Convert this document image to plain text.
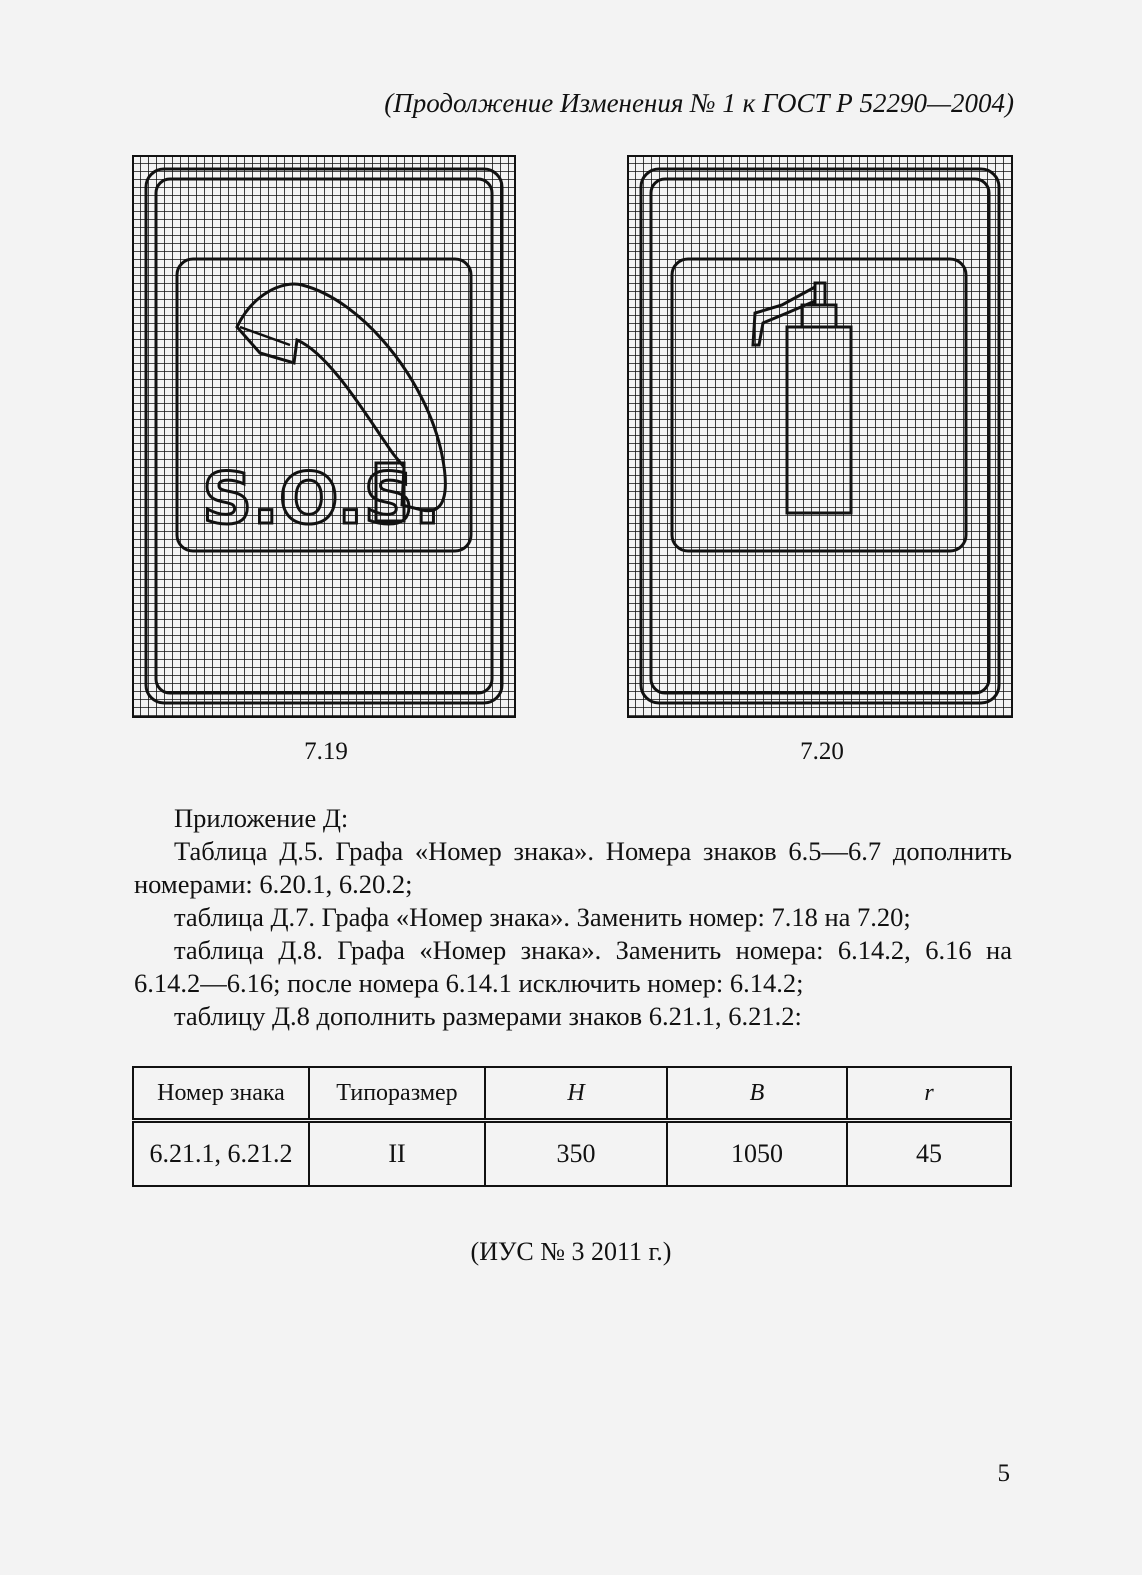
(Продолжение Изменения № 1 к ГОСТ Р 52290—2004)
S.O.S.
7.19	7.20

Приложение Д:

Таблица Д.5. Графа «Номер знака». Номера знаков 6.5—6.7 дополнить номерами: 6.20.1, 6.20.2;

таблица Д.7. Графа «Номер знака». Заменить номер: 7.18 на 7.20;

таблица Д.8. Графа «Номер знака». Заменить номера: 6.14.2, 6.16 на 6.14.2—6.16; после номера 6.14.1 исключить номер: 6.14.2;

таблицу Д.8 дополнить размерами знаков 6.21.1, 6.21.2:

Номер знака	Типоразмер	H	B	r
6.21.1, 6.21.2	II	350	1050	45
(ИУС № 3 2011 г.)
5
